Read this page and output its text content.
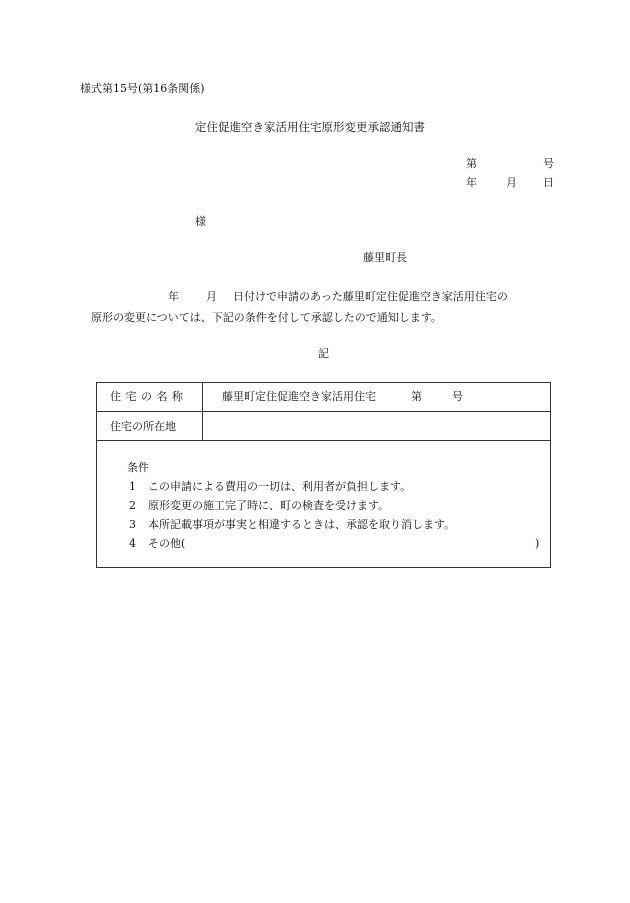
様式第15号(第16条関係)
定住促進空き家活用住宅原形変更承認通知書
第	号
年	月 日
様
藤里町長
年 月 日付けで申請のあった藤里町定住促進空き家活用住宅の
原形の変更については、下記の条件を付して承認したので通知します。
記
住宅の名称	藤里町定住促進空き家活用住宅	第	号
住宅の所在地
条件
1 この申請による費用の一切は、利用者が負担します。
2 原形変更の施工完了時に、町の検査を受けます。
3 本所記載事項が事実と相違するときは、承認を取り消します。
4 その他(	)
